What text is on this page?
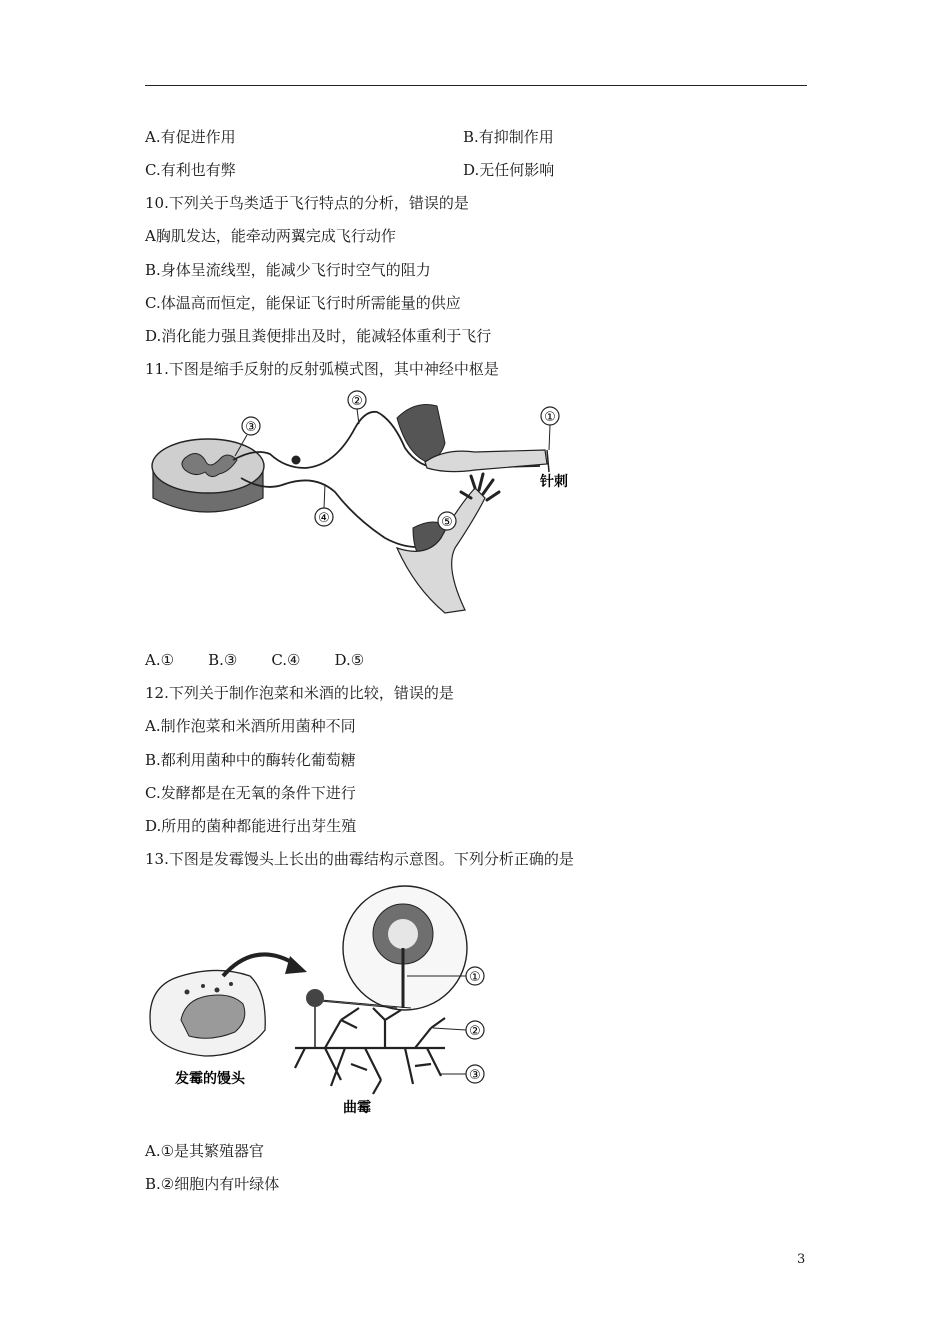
A.有促进作用	B.有抑制作用
C.有利也有弊	D.无任何影响
10.下列关于鸟类适于飞行特点的分析，错误的是
A胸肌发达，能牵动两翼完成飞行动作
B.身体呈流线型，能减少飞行时空气的阻力
C.体温高而恒定，能保证飞行时所需能量的供应
D.消化能力强且粪便排出及时，能减轻体重利于飞行
11.下图是缩手反射的反射弧模式图，其中神经中枢是
①
②
③
④	⑤
针刺
A.① B.③ C.④ D.⑤
12.下列关于制作泡菜和米酒的比较，错误的是
A.制作泡菜和米酒所用菌种不同
B.都利用菌种中的酶转化葡萄糖
C.发酵都是在无氧的条件下进行
D.所用的菌种都能进行出芽生殖
13.下图是发霉馒头上长出的曲霉结构示意图。下列分析正确的是
发霉的馒头
①
②
③
曲霉
A.①是其繁殖器官
B.②细胞内有叶绿体
3
